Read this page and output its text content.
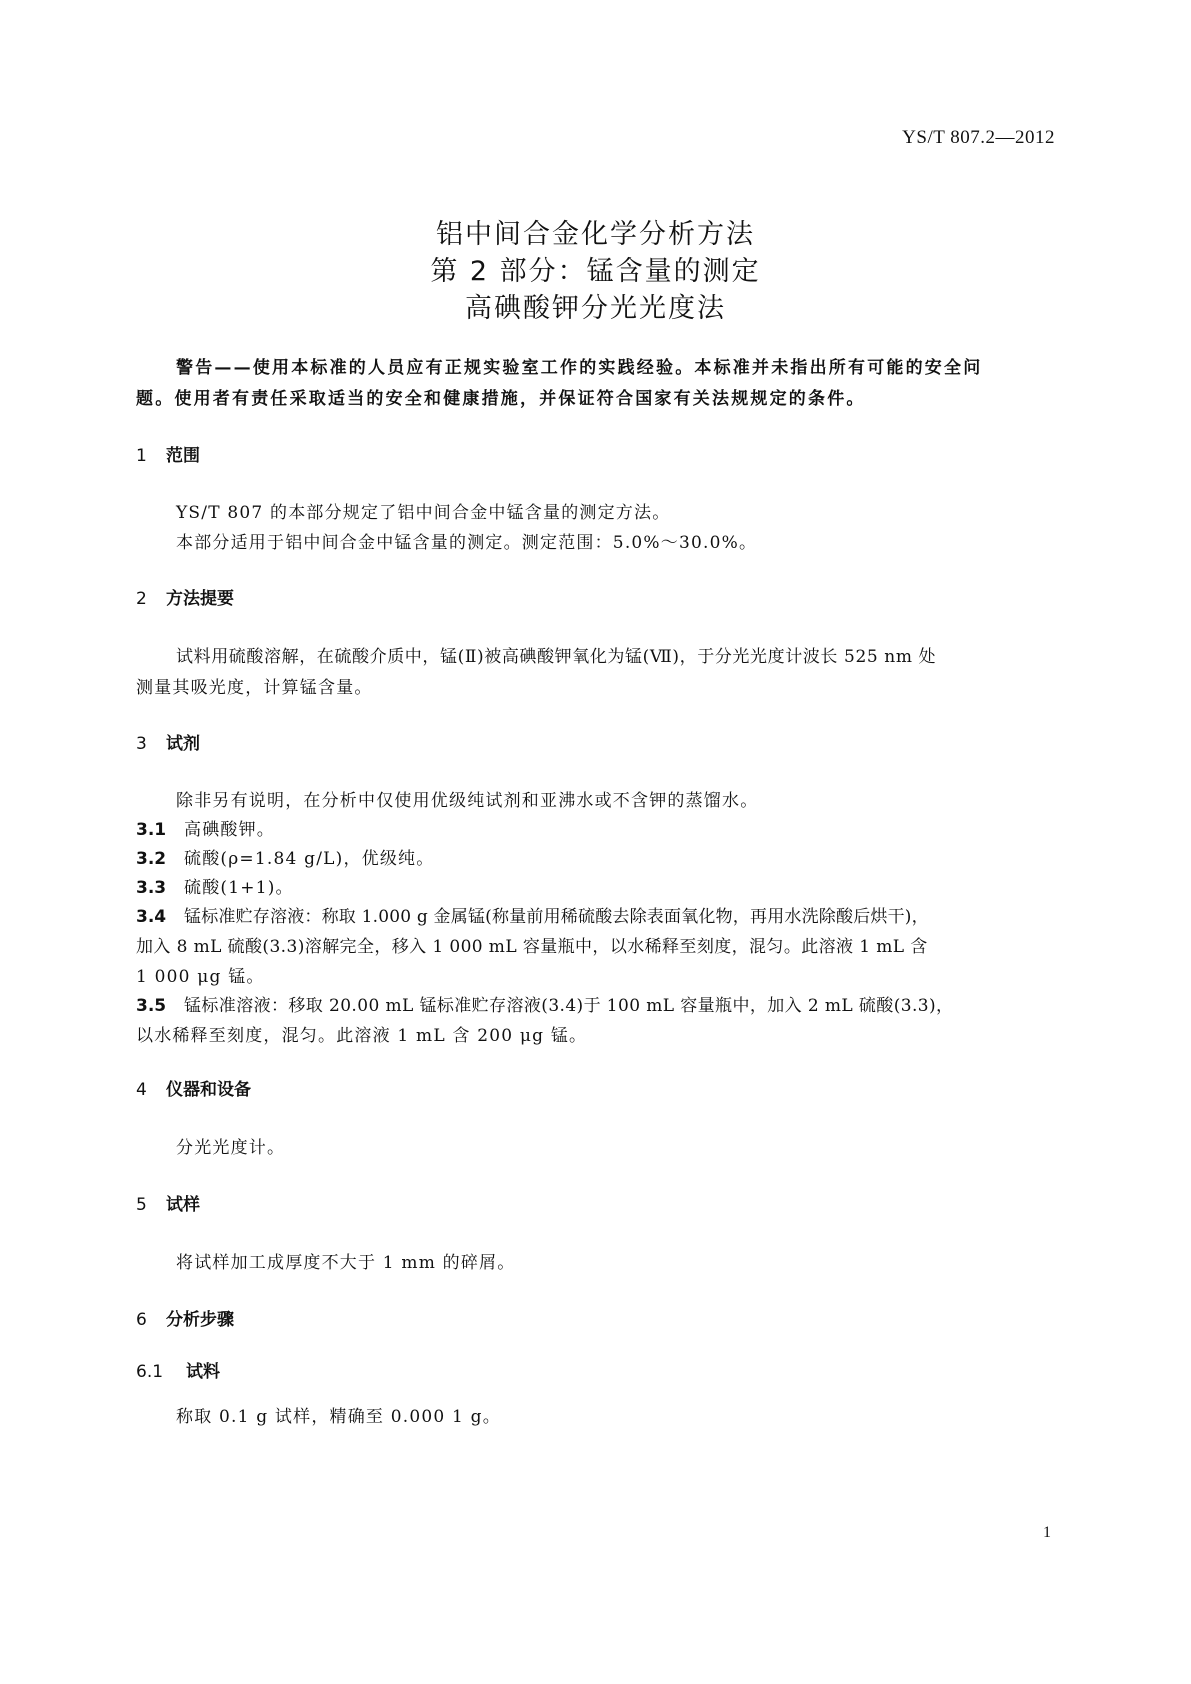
YS/T 807.2—2012
铝中间合金化学分析方法
第 2 部分：锰含量的测定
高碘酸钾分光光度法
警告——使用本标准的人员应有正规实验室工作的实践经验。本标准并未指出所有可能的安全问
题。使用者有责任采取适当的安全和健康措施，并保证符合国家有关法规规定的条件。
1 范围
YS/T 807 的本部分规定了铝中间合金中锰含量的测定方法。
本部分适用于铝中间合金中锰含量的测定。测定范围：5.0%～30.0%。
2 方法提要
试料用硫酸溶解，在硫酸介质中，锰(Ⅱ)被高碘酸钾氧化为锰(Ⅶ)，于分光光度计波长 525 nm 处
测量其吸光度，计算锰含量。
3 试剂
除非另有说明，在分析中仅使用优级纯试剂和亚沸水或不含钾的蒸馏水。
3.1 高碘酸钾。
3.2 硫酸(ρ=1.84 g/L)，优级纯。
3.3 硫酸(1+1)。
3.4 锰标准贮存溶液：称取 1.000 g 金属锰(称量前用稀硫酸去除表面氧化物，再用水洗除酸后烘干)，
加入 8 mL 硫酸(3.3)溶解完全，移入 1 000 mL 容量瓶中，以水稀释至刻度，混匀。此溶液 1 mL 含
1 000 μg 锰。
3.5 锰标准溶液：移取 20.00 mL 锰标准贮存溶液(3.4)于 100 mL 容量瓶中，加入 2 mL 硫酸(3.3)，
以水稀释至刻度，混匀。此溶液 1 mL 含 200 μg 锰。
4 仪器和设备
分光光度计。
5 试样
将试样加工成厚度不大于 1 mm 的碎屑。
6 分析步骤
6.1 试料
称取 0.1 g 试样，精确至 0.000 1 g。
1
